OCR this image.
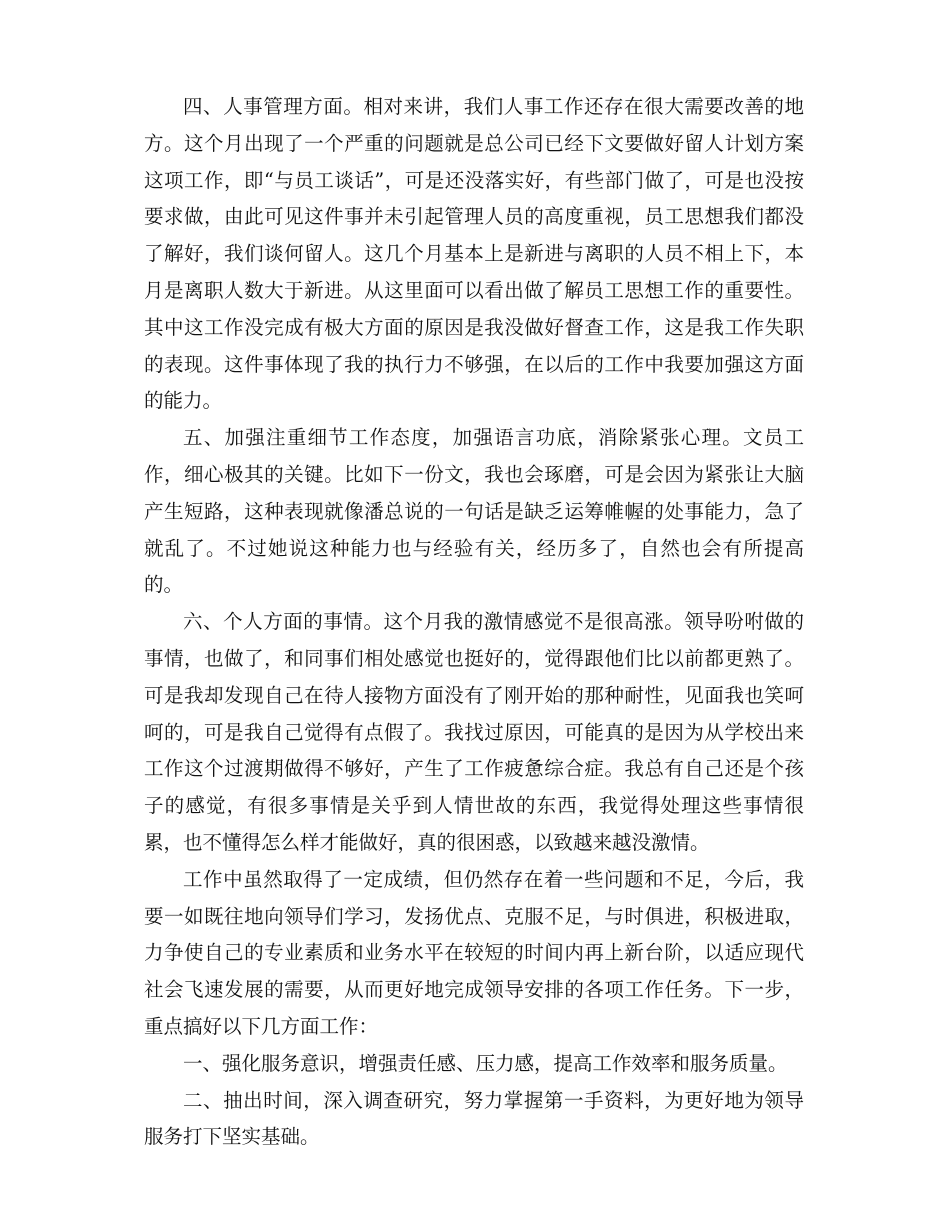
四、人事管理方面。相对来讲，我们人事工作还存在很大需要改善的地方。这个月出现了一个严重的问题就是总公司已经下文要做好留人计划方案这项工作，即“与员工谈话”，可是还没落实好，有些部门做了，可是也没按要求做，由此可见这件事并未引起管理人员的高度重视，员工思想我们都没了解好，我们谈何留人。这几个月基本上是新进与离职的人员不相上下，本月是离职人数大于新进。从这里面可以看出做了解员工思想工作的重要性。其中这工作没完成有极大方面的原因是我没做好督查工作，这是我工作失职的表现。这件事体现了我的执行力不够强，在以后的工作中我要加强这方面的能力。

五、加强注重细节工作态度，加强语言功底，消除紧张心理。文员工作，细心极其的关键。比如下一份文，我也会琢磨，可是会因为紧张让大脑产生短路，这种表现就像潘总说的一句话是缺乏运筹帷幄的处事能力，急了就乱了。不过她说这种能力也与经验有关，经历多了，自然也会有所提高的。

六、个人方面的事情。这个月我的激情感觉不是很高涨。领导吩咐做的事情，也做了，和同事们相处感觉也挺好的，觉得跟他们比以前都更熟了。可是我却发现自己在待人接物方面没有了刚开始的那种耐性，见面我也笑呵呵的，可是我自己觉得有点假了。我找过原因，可能真的是因为从学校出来工作这个过渡期做得不够好，产生了工作疲惫综合症。我总有自己还是个孩子的感觉，有很多事情是关乎到人情世故的东西，我觉得处理这些事情很累，也不懂得怎么样才能做好，真的很困惑，以致越来越没激情。

工作中虽然取得了一定成绩，但仍然存在着一些问题和不足，今后，我要一如既往地向领导们学习，发扬优点、克服不足，与时俱进，积极进取，力争使自己的专业素质和业务水平在较短的时间内再上新台阶，以适应现代社会飞速发展的需要，从而更好地完成领导安排的各项工作任务。下一步，重点搞好以下几方面工作：

一、强化服务意识，增强责任感、压力感，提高工作效率和服务质量。

二、抽出时间，深入调查研究，努力掌握第一手资料，为更好地为领导服务打下坚实基础。
